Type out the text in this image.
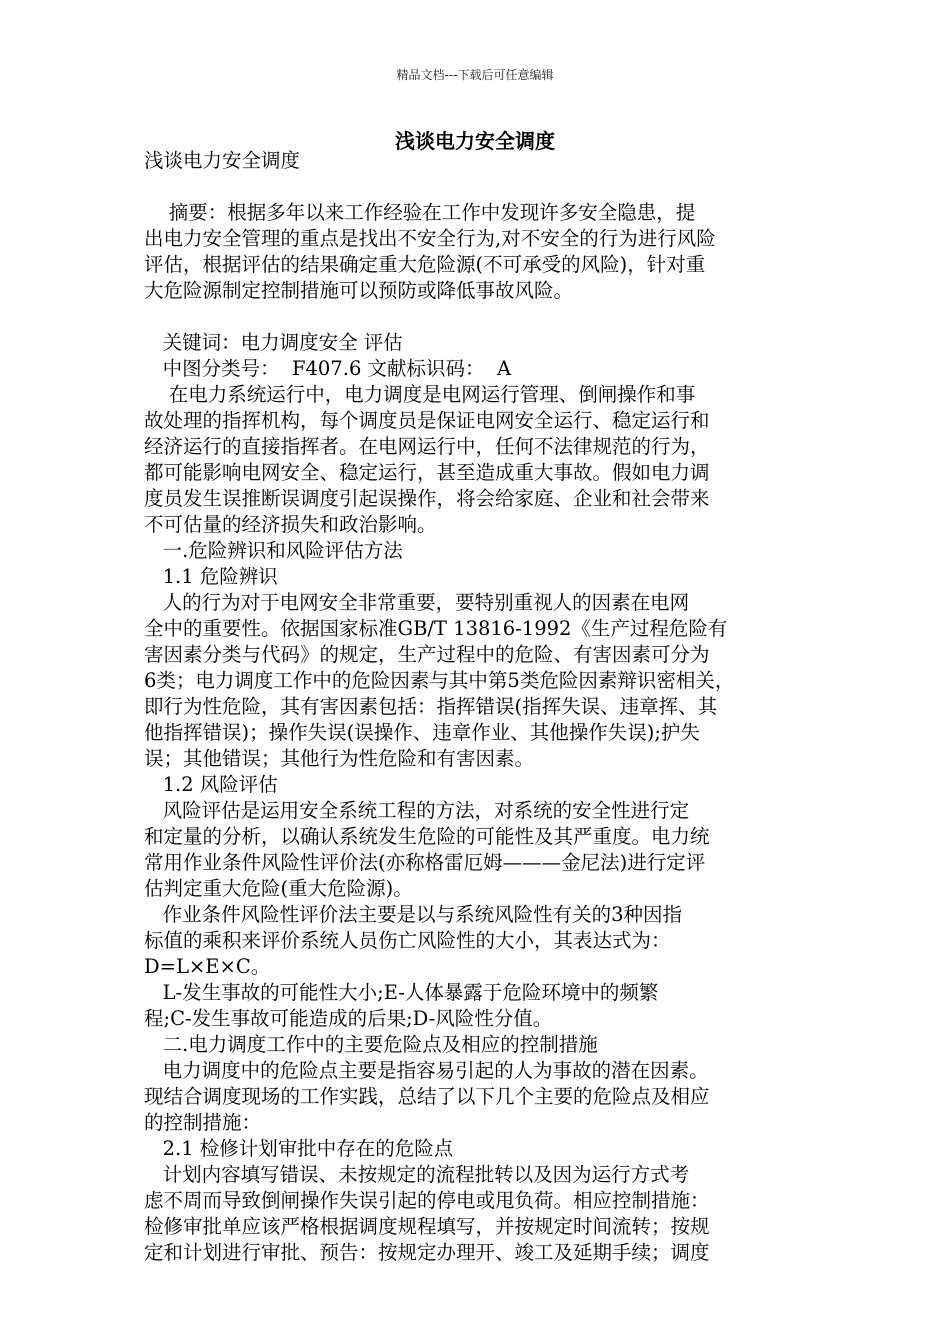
精品文档---下载后可任意编辑
浅谈电力安全调度

浅谈电力安全调度

摘要：根据多年以来工作经验在工作中发现许多安全隐患，提

出电力安全管理的重点是找出不安全行为,对不安全的行为进行风险

评估，根据评估的结果确定重大危险源(不可承受的风险)，针对重

大危险源制定控制措施可以预防或降低事故风险。

关键词：电力调度安全 评估

中图分类号：  F407.6 文献标识码：  A

在电力系统运行中，电力调度是电网运行管理、倒闸操作和事

故处理的指挥机构，每个调度员是保证电网安全运行、稳定运行和

经济运行的直接指挥者。在电网运行中，任何不法律规范的行为，

都可能影响电网安全、稳定运行，甚至造成重大事故。假如电力调

度员发生误推断误调度引起误操作，将会给家庭、企业和社会带来

不可估量的经济损失和政治影响。

一.危险辨识和风险评估方法

1.1 危险辨识

人的行为对于电网安全非常重要，要特别重视人的因素在电网

全中的重要性。依据国家标准GB/T 13816-1992《生产过程危险有

害因素分类与代码》的规定，生产过程中的危险、有害因素可分为

6类；电力调度工作中的危险因素与其中第5类危险因素辩识密相关，

即行为性危险，其有害因素包括：指挥错误(指挥失误、违章挥、其

他指挥错误)；操作失误(误操作、违章作业、其他操作失误);护失

误；其他错误；其他行为性危险和有害因素。

1.2 风险评估

风险评估是运用安全系统工程的方法，对系统的安全性进行定

和定量的分析，以确认系统发生危险的可能性及其严重度。电力统

常用作业条件风险性评价法(亦称格雷厄姆———金尼法)进行定评

估判定重大危险(重大危险源)。

作业条件风险性评价法主要是以与系统风险性有关的3种因指

标值的乘积来评价系统人员伤亡风险性的大小，其表达式为：

D=L×E×C。

L-发生事故的可能性大小;E-人体暴露于危险环境中的频繁

程;C-发生事故可能造成的后果;D-风险性分值。

二.电力调度工作中的主要危险点及相应的控制措施

电力调度中的危险点主要是指容易引起的人为事故的潜在因素。

现结合调度现场的工作实践，总结了以下几个主要的危险点及相应

的控制措施：

2.1 检修计划审批中存在的危险点

计划内容填写错误、未按规定的流程批转以及因为运行方式考

虑不周而导致倒闸操作失误引起的停电或甩负荷。相应控制措施：

检修审批单应该严格根据调度规程填写，并按规定时间流转；按规

定和计划进行审批、预告：按规定办理开、竣工及延期手续；调度
